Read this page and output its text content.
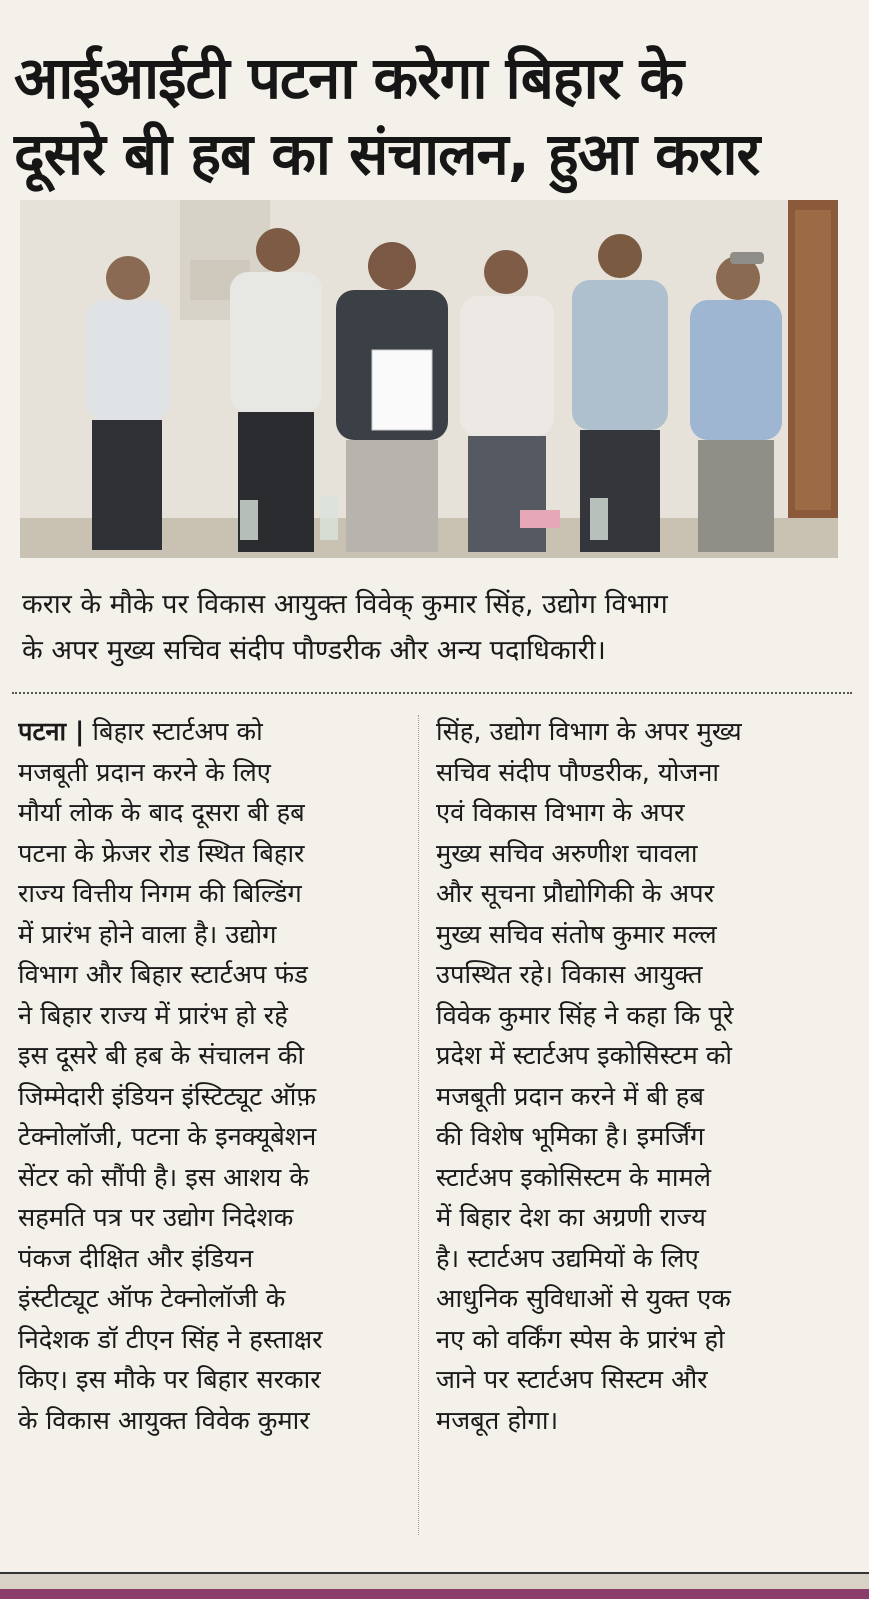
आईआईटी पटना करेगा बिहार के
दूसरे बी हब का संचालन, हुआ करार
करार के मौके पर विकास आयुक्त विवेक् कुमार सिंह, उद्योग विभाग
के अपर मुख्य सचिव संदीप पौण्डरीक और अन्य पदाधिकारी।
पटना | बिहार स्टार्टअप को
मजबूती प्रदान करने के लिए
मौर्या लोक के बाद दूसरा बी हब
पटना के फ्रेजर रोड स्थित बिहार
राज्य वित्तीय निगम की बिल्डिंग
में प्रारंभ होने वाला है। उद्योग
विभाग और बिहार स्टार्टअप फंड
ने बिहार राज्य में प्रारंभ हो रहे
इस दूसरे बी हब के संचालन की
जिम्मेदारी इंडियन इंस्टिट्यूट ऑफ़
टेक्नोलॉजी, पटना के इनक्यूबेशन
सेंटर को सौंपी है। इस आशय के
सहमति पत्र पर उद्योग निदेशक
पंकज दीक्षित और इंडियन
इंस्टीट्यूट ऑफ टेक्नोलॉजी के
निदेशक डॉ टीएन सिंह ने हस्ताक्षर
किए। इस मौके पर बिहार सरकार
के विकास आयुक्त विवेक कुमार
सिंह, उद्योग विभाग के अपर मुख्य
सचिव संदीप पौण्डरीक, योजना
एवं विकास विभाग के अपर
मुख्य सचिव अरुणीश चावला
और सूचना प्रौद्योगिकी के अपर
मुख्य सचिव संतोष कुमार मल्ल
उपस्थित रहे। विकास आयुक्त
विवेक कुमार सिंह ने कहा कि पूरे
प्रदेश में स्टार्टअप इकोसिस्टम को
मजबूती प्रदान करने में बी हब
की विशेष भूमिका है। इमर्जिंग
स्टार्टअप इकोसिस्टम के मामले
में बिहार देश का अग्रणी राज्य
है। स्टार्टअप उद्यमियों के लिए
आधुनिक सुविधाओं से युक्त एक
नए को वर्किंग स्पेस के प्रारंभ हो
जाने पर स्टार्टअप सिस्टम और
मजबूत होगा।
